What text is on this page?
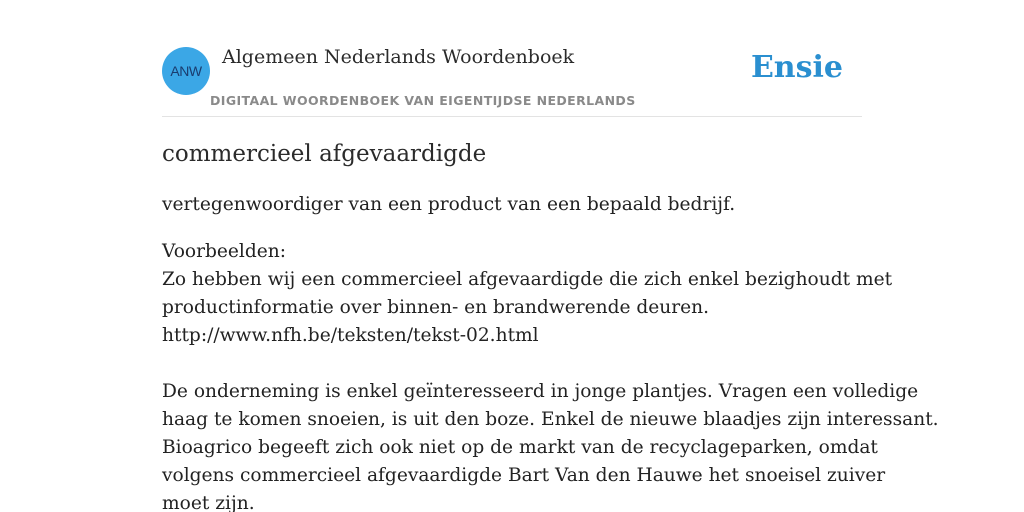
ANW
Algemeen Nederlands Woordenboek
DIGITAAL WOORDENBOEK VAN EIGENTIJDSE NEDERLANDS
Ensie
commercieel afgevaardigde

vertegenwoordiger van een product van een bepaald bedrijf.

Voorbeelden:
Zo hebben wij een commercieel afgevaardigde die zich enkel bezighoudt met
productinformatie over binnen- en brandwerende deuren.
http://www.nfh.be/teksten/tekst-02.html
De onderneming is enkel geïnteresseerd in jonge plantjes. Vragen een volledige
haag te komen snoeien, is uit den boze. Enkel de nieuwe blaadjes zijn interessant.
Bioagrico begeeft zich ook niet op de markt van de recyclageparken, omdat
volgens commercieel afgevaardigde Bart Van den Hauwe het snoeisel zuiver
moet zijn.
